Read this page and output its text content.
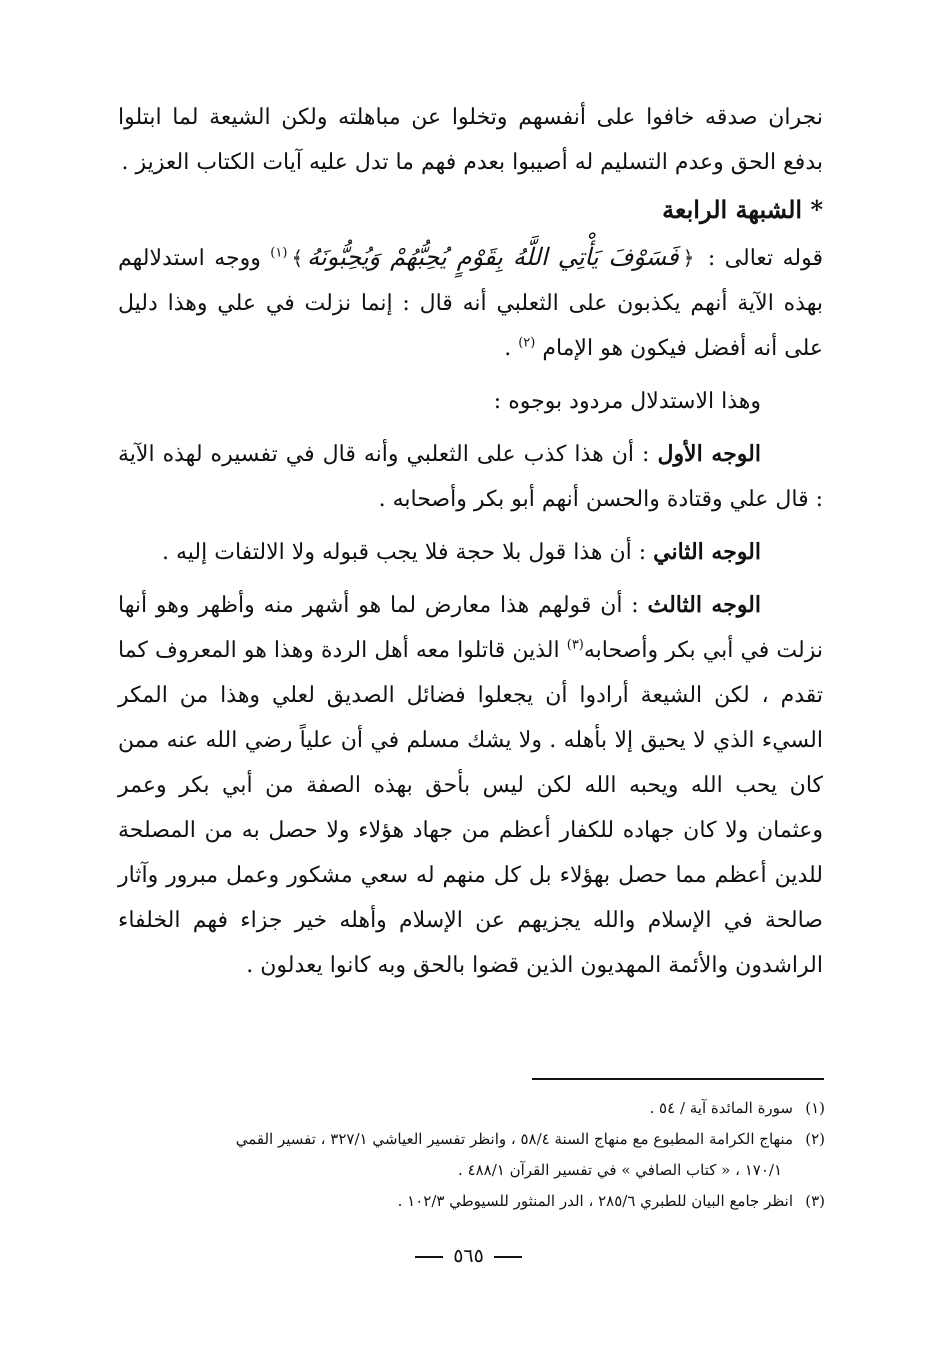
نجران صدقه خافوا على أنفسهم وتخلوا عن مباهلته ولكن الشيعة لما ابتلوا بدفع الحق وعدم التسليم له أصيبوا بعدم فهم ما تدل عليه آيات الكتاب العزيز .

* الشبهة الرابعة

قوله تعالى : ﴿فَسَوْفَ يَأْتِي اللَّهُ بِقَوْمٍ يُحِبُّهُمْ وَيُحِبُّونَهُ﴾$^{(١)}$ ووجه استدلالهم بهذه الآية أنهم يكذبون على الثعلبي أنه قال : إنما نزلت في علي وهذا دليل على أنه أفضل فيكون هو الإمام $^{(٢)}$ .

وهذا الاستدلال مردود بوجوه :

الوجه الأول : أن هذا كذب على الثعلبي وأنه قال في تفسيره لهذه الآية : قال علي وقتادة والحسن أنهم أبو بكر وأصحابه .

الوجه الثاني : أن هذا قول بلا حجة فلا يجب قبوله ولا الالتفات إليه .

الوجه الثالث : أن قولهم هذا معارض لما هو أشهر منه وأظهر وهو أنها نزلت في أبي بكر وأصحابه$^{(٣)}$ الذين قاتلوا معه أهل الردة وهذا هو المعروف كما تقدم ، لكن الشيعة أرادوا أن يجعلوا فضائل الصديق لعلي وهذا من المكر السيء الذي لا يحيق إلا بأهله . ولا يشك مسلم في أن علياً رضي الله عنه ممن كان يحب الله ويحبه الله لكن ليس بأحق بهذه الصفة من أبي بكر وعمر وعثمان ولا كان جهاده للكفار أعظم من جهاد هؤلاء ولا حصل به من المصلحة للدين أعظم مما حصل بهؤلاء بل كل منهم له سعي مشكور وعمل مبرور وآثار صالحة في الإسلام والله يجزيهم عن الإسلام وأهله خير جزاء فهم الخلفاء الراشدون والأئمة المهديون الذين قضوا بالحق وبه كانوا يعدلون .

(١)سورة المائدة آية / ٥٤ .

(٢)منهاج الكرامة المطبوع مع منهاج السنة ٥٨/٤ ، وانظر تفسير العياشي ٣٢٧/١ ، تفسير القمي

١٧٠/١ ، « كتاب الصافي » في تفسير القرآن ٤٨٨/١ .

(٣)انظر جامع البيان للطبري ٢٨٥/٦ ، الدر المنثور للسيوطي ١٠٢/٣ .

٥٦٥
